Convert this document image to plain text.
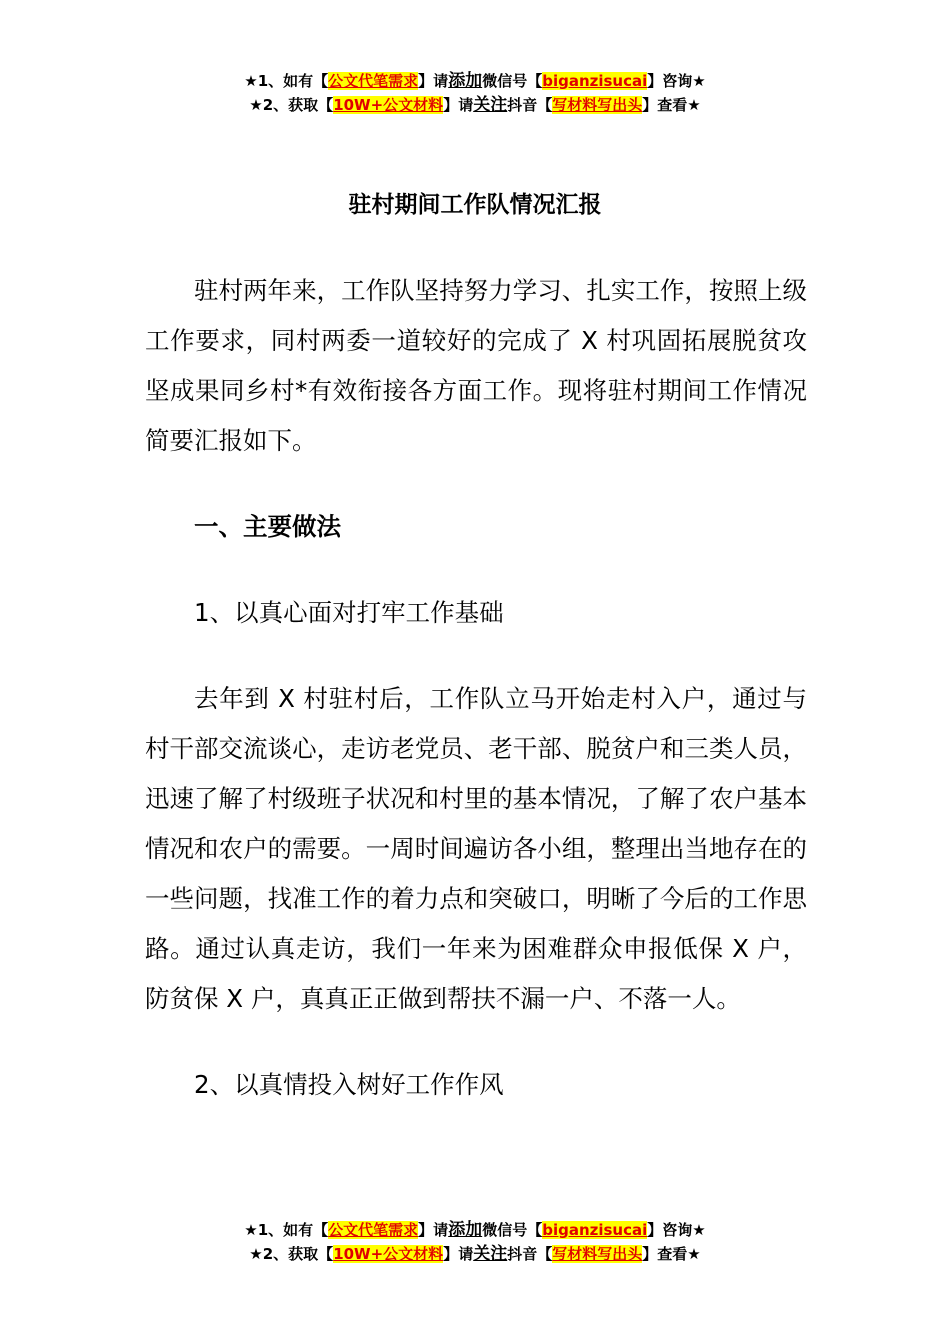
★1、如有【公文代笔需求】请添加微信号【biganzisucai】咨询★
★2、获取【10W+公文材料】请关注抖音【写材料写出头】查看★
驻村期间工作队情况汇报

驻村两年来，工作队坚持努力学习、扎实工作，按照上级工作要求，同村两委一道较好的完成了 X 村巩固拓展脱贫攻坚成果同乡村*有效衔接各方面工作。现将驻村期间工作情况简要汇报如下。

一、主要做法

1、以真心面对打牢工作基础

去年到 X 村驻村后，工作队立马开始走村入户，通过与村干部交流谈心，走访老党员、老干部、脱贫户和三类人员，迅速了解了村级班子状况和村里的基本情况，了解了农户基本情况和农户的需要。一周时间遍访各小组，整理出当地存在的一些问题，找准工作的着力点和突破口，明晰了今后的工作思路。通过认真走访，我们一年来为困难群众申报低保 X 户，防贫保 X 户，真真正正做到帮扶不漏一户、不落一人。

2、以真情投入树好工作作风

★1、如有【公文代笔需求】请添加微信号【biganzisucai】咨询★
★2、获取【10W+公文材料】请关注抖音【写材料写出头】查看★
